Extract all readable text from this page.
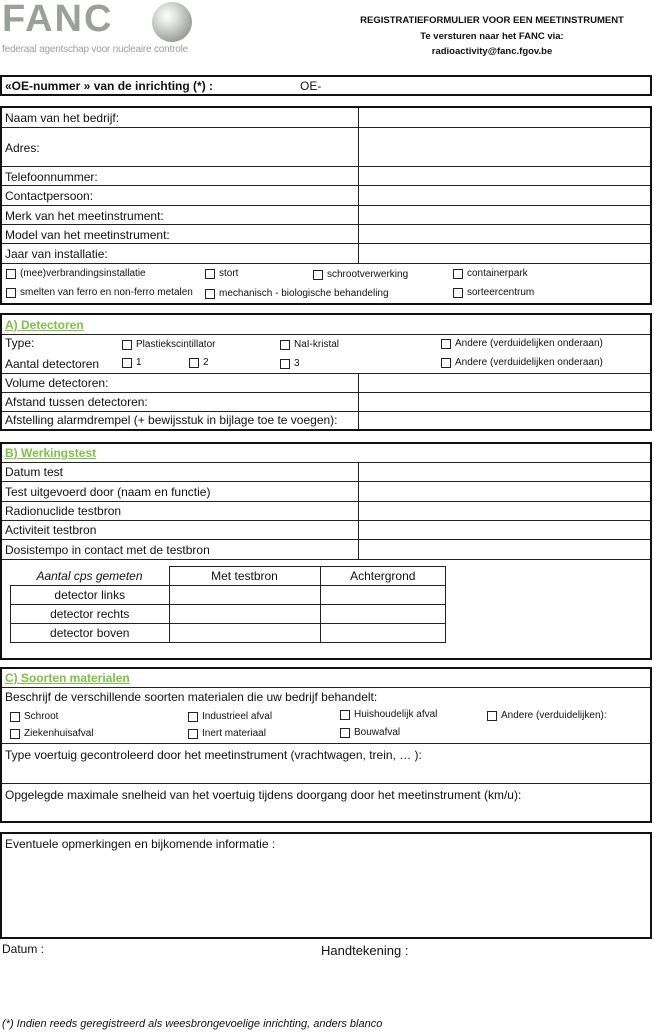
FANC
federaal agentschap voor nucleaire controle
REGISTRATIEFORMULIER VOOR EEN MEETINSTRUMENT
Te versturen naar het FANC via:
radioactivity@fanc.fgov.be
«OE-nummer » van de inrichting (*) :	OE-
Naam van het bedrijf:
Adres:
Telefoonnummer:
Contactpersoon:
Merk van het meetinstrument:
Model van het meetinstrument:
Jaar van installatie:
(mee)verbrandingsinstallatie	stort	schrootverwerking	containerpark
smelten van ferro en non-ferro metalen	mechanisch - biologische behandeling	sorteercentrum
A) Detectoren
Type:	Plastiekscintillator	NaI-kristal	Andere (verduidelijken onderaan)
Aantal detectoren	1	2	3	Andere (verduidelijken onderaan)
Volume detectoren:
Afstand tussen detectoren:
Afstelling alarmdrempel (+ bewijsstuk in bijlage toe te voegen):
B) Werkingstest
Datum test
Test uitgevoerd door (naam en functie)
Radionuclide testbron
Activiteit testbron
Dosistempo in contact met de testbron
Aantal cps gemeten	Met testbron	Achtergrond
detector links		
detector rechts		
detector boven		
C) Soorten materialen
Beschrijf de verschillende soorten materialen die uw bedrijf behandelt:
Schroot	Industrieel afval	Huishoudelijk afval	Andere (verduidelijken):
Ziekenhuisafval	Inert materiaal	Bouwafval
Type voertuig gecontroleerd door het meetinstrument (vrachtwagen, trein, … ):
Opgelegde maximale snelheid van het voertuig tijdens doorgang door het meetinstrument (km/u):
Eventuele opmerkingen en bijkomende informatie :
Datum :	Handtekening :
(*) Indien reeds geregistreerd als weesbrongevoelige inrichting, anders blanco
